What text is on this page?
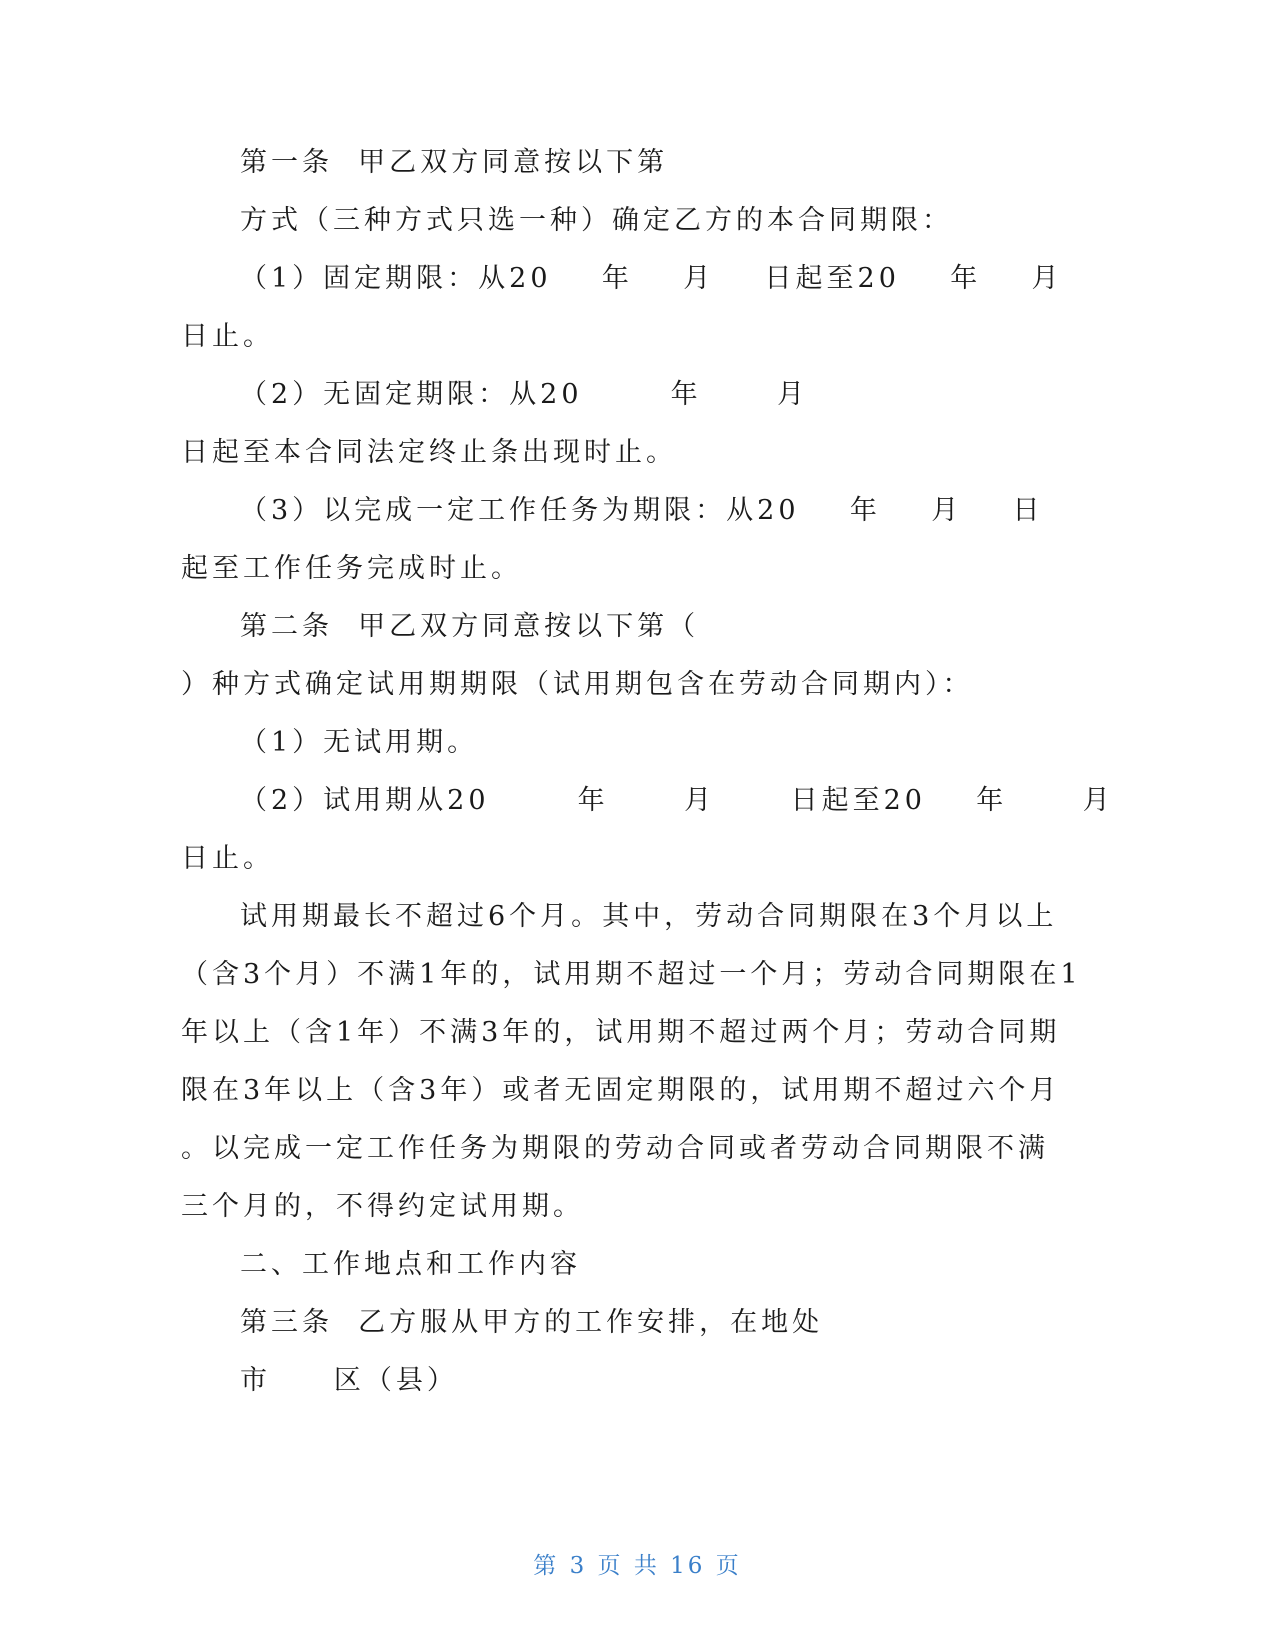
第一条  甲乙双方同意按以下第
方式（三种方式只选一种）确定乙方的本合同期限：
（1）固定期限：从20    年    月    日起至20    年    月
日止。
（2）无固定期限：从20       年      月
日起至本合同法定终止条出现时止。
（3）以完成一定工作任务为期限：从20    年    月    日
起至工作任务完成时止。
第二条  甲乙双方同意按以下第（
）种方式确定试用期期限（试用期包含在劳动合同期内）：
（1）无试用期。
（2）试用期从20       年      月      日起至20    年      月
日止。
试用期最长不超过6个月。其中，劳动合同期限在3个月以上
（含3个月）不满1年的，试用期不超过一个月；劳动合同期限在1
年以上（含1年）不满3年的，试用期不超过两个月；劳动合同期
限在3年以上（含3年）或者无固定期限的，试用期不超过六个月
。以完成一定工作任务为期限的劳动合同或者劳动合同期限不满
三个月的，不得约定试用期。
二、工作地点和工作内容
第三条  乙方服从甲方的工作安排，在地处
市     区（县）
第 3 页 共 16 页
